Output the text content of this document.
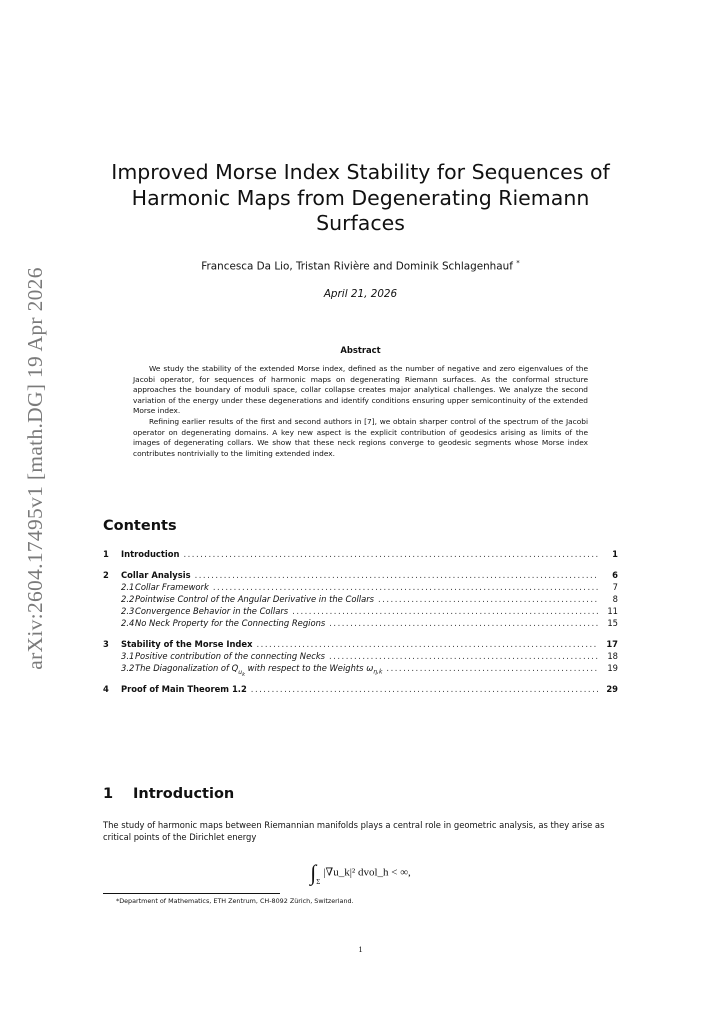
arXiv:2604.17495v1 [math.DG] 19 Apr 2026
Improved Morse Index Stability for Sequences of Harmonic Maps from Degenerating Riemann Surfaces
Francesca Da Lio, Tristan Rivière and Dominik Schlagenhauf *
April 21, 2026
Abstract

We study the stability of the extended Morse index, defined as the number of negative and zero eigenvalues of the Jacobi operator, for sequences of harmonic maps on degenerating Riemann surfaces. As the conformal structure approaches the boundary of moduli space, collar collapse creates major analytical challenges. We analyze the second variation of the energy under these degenerations and identify conditions ensuring upper semicontinuity of the extended Morse index.

Refining earlier results of the first and second authors in [7], we obtain sharper control of the spectrum of the Jacobi operator on degenerating domains. A key new aspect is the explicit contribution of geodesics arising as limits of the images of degenerating collars. We show that these neck regions converge to geodesic segments whose Morse index contributes nontrivially to the limiting extended index.

Contents
1	Introduction .....	1
2	Collar Analysis .....	6
2.1 Collar Framework .....	7
2.2 Pointwise Control of the Angular Derivative in the Collars .....	8
2.3 Convergence Behavior in the Collars .....	11
2.4 No Neck Property for the Connecting Regions .....	15
3	Stability of the Morse Index .....	17
3.1 Positive contribution of the connecting Necks .....	18
3.2 The Diagonalization of $Q_{u_k}$ with respect to the Weights $\omega_{\eta,k}$ .....	19
4	Proof of Main Theorem 1.2 .....	29
1 Introduction

The study of harmonic maps between Riemannian manifolds plays a central role in geometric analysis, as they arise as critical points of the Dirichlet energy

$\int_\Sigma|\nabla u\_k|^2$ dvol_h < ∞,
*Department of Mathematics, ETH Zentrum, CH-8092 Zürich, Switzerland.
1
